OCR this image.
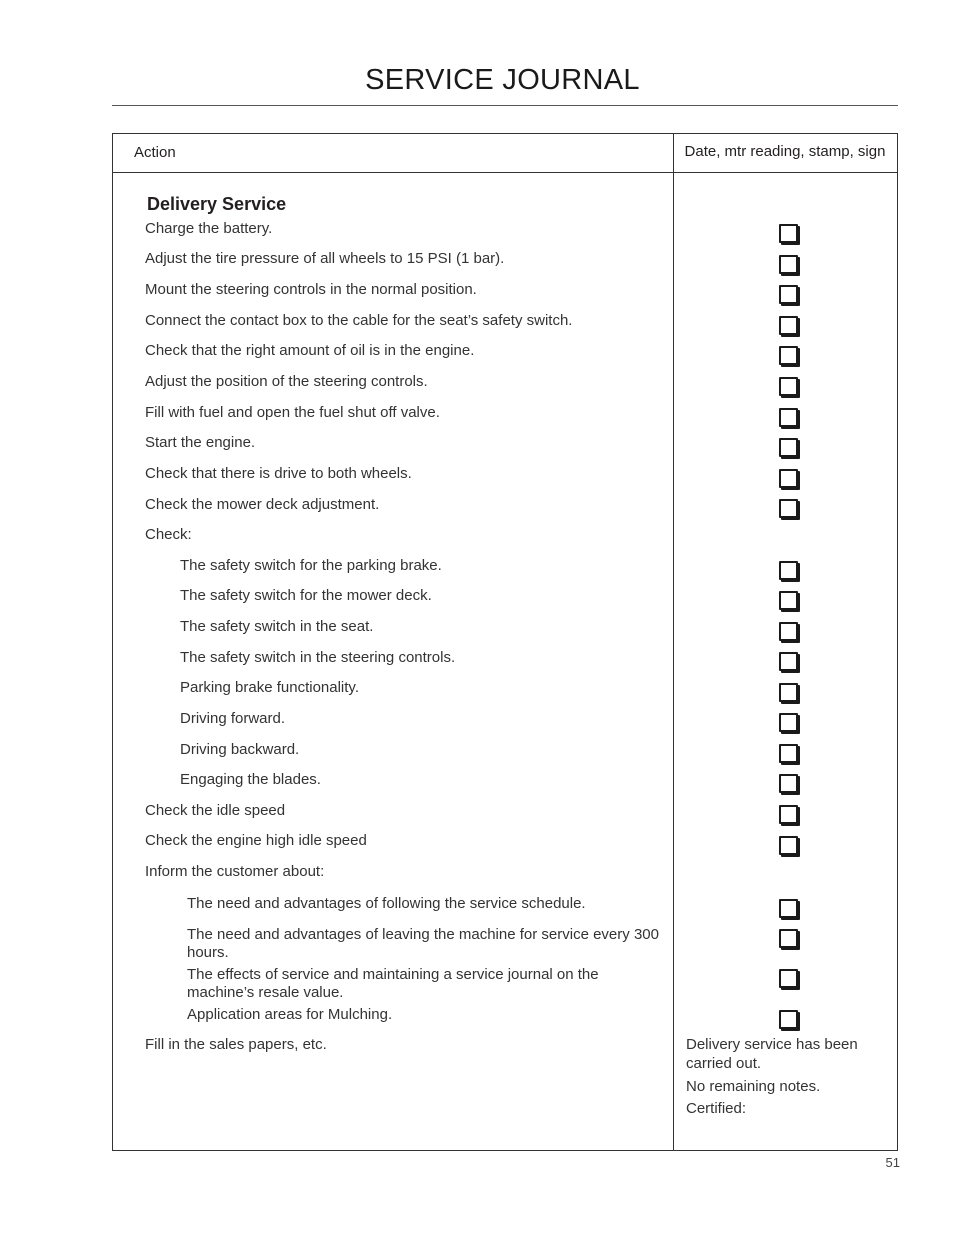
SERVICE JOURNAL
Action	Date, mtr reading, stamp, sign
Delivery Service
Charge the battery.
Adjust the tire pressure of all wheels to 15 PSI (1 bar).
Mount the steering controls in the normal position.
Connect the contact box to the cable for the seat’s safety switch.
Check that the right amount of oil is in the engine.
Adjust the position of the steering controls.
Fill with fuel and open the fuel shut off valve.
Start the engine.
Check that there is drive to both wheels.
Check the mower deck adjustment.
Check:
The safety switch for the parking brake.
The safety switch for the mower deck.
The safety switch in the seat.
The safety switch in the steering controls.
Parking brake functionality.
Driving forward.
Driving backward.
Engaging the blades.
Check the idle speed
Check the engine high idle speed
Inform the customer about:
The need and advantages of following the service schedule.
The need and advantages of leaving the machine for service every 300 hours.
The effects of service and maintaining a service journal on the machine’s resale value.
Application areas for Mulching.
Fill in the sales papers, etc.	Delivery service has been carried out.
No remaining notes.
Certified:
51
